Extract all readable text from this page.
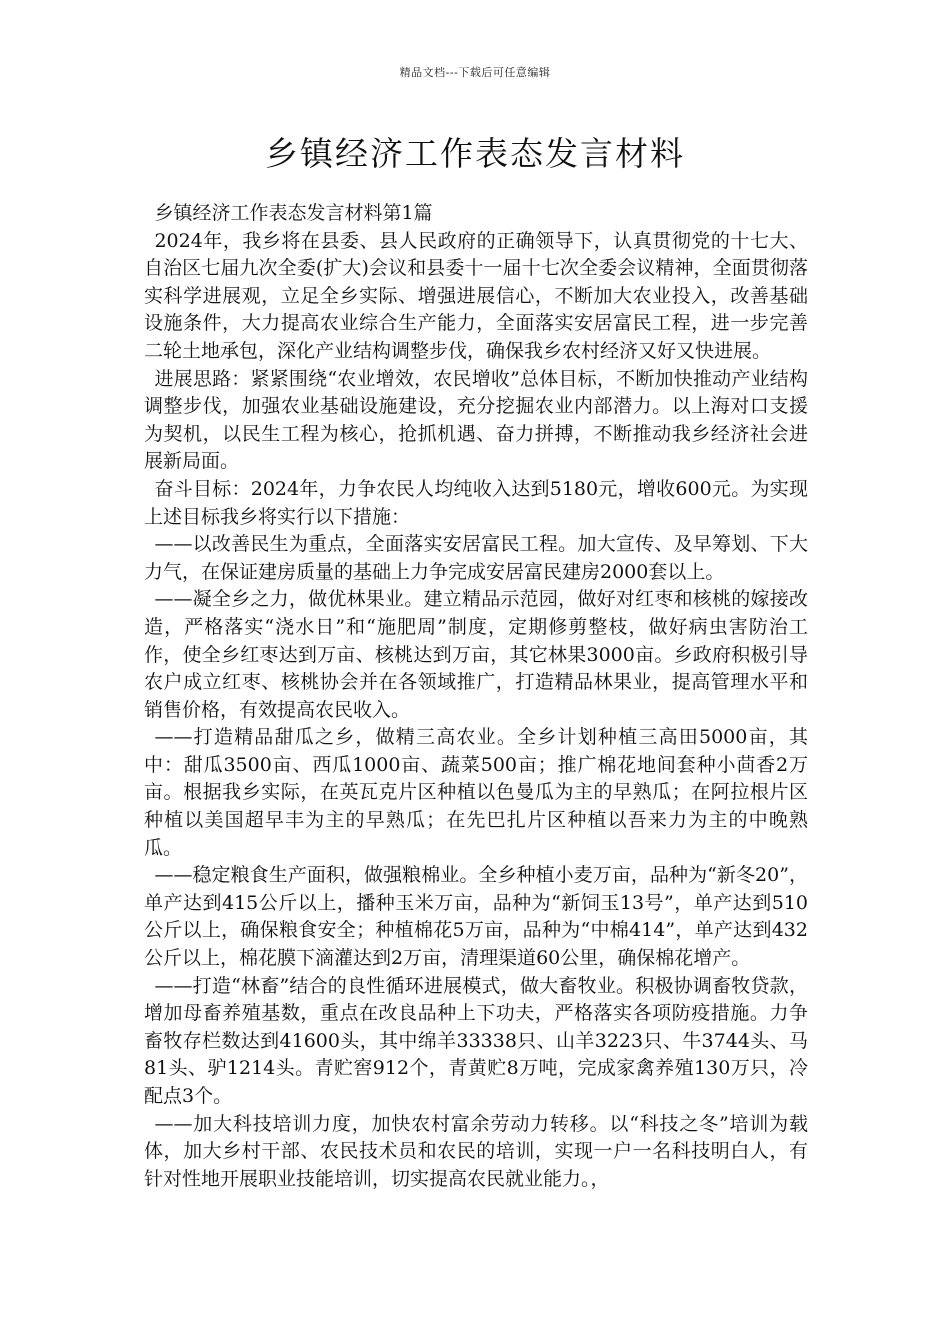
精品文档---下载后可任意编辑
乡镇经济工作表态发言材料

乡镇经济工作表态发言材料第1篇

2024年，我乡将在县委、县人民政府的正确领导下，认真贯彻党的十七大、自治区七届九次全委(扩大)会议和县委十一届十七次全委会议精神，全面贯彻落实科学进展观，立足全乡实际、增强进展信心，不断加大农业投入，改善基础设施条件，大力提高农业综合生产能力，全面落实安居富民工程，进一步完善二轮土地承包，深化产业结构调整步伐，确保我乡农村经济又好又快进展。

进展思路：紧紧围绕“农业增效，农民增收”总体目标，不断加快推动产业结构调整步伐，加强农业基础设施建设，充分挖掘农业内部潜力。以上海对口支援为契机，以民生工程为核心，抢抓机遇、奋力拼搏，不断推动我乡经济社会进展新局面。

奋斗目标：2024年，力争农民人均纯收入达到5180元，增收600元。为实现上述目标我乡将实行以下措施：

——以改善民生为重点，全面落实安居富民工程。加大宣传、及早筹划、下大力气，在保证建房质量的基础上力争完成安居富民建房2000套以上。

——凝全乡之力，做优林果业。建立精品示范园，做好对红枣和核桃的嫁接改造，严格落实“浇水日”和“施肥周”制度，定期修剪整枝，做好病虫害防治工作，使全乡红枣达到万亩、核桃达到万亩，其它林果3000亩。乡政府积极引导农户成立红枣、核桃协会并在各领域推广，打造精品林果业，提高管理水平和销售价格，有效提高农民收入。

——打造精品甜瓜之乡，做精三高农业。全乡计划种植三高田5000亩，其中：甜瓜3500亩、西瓜1000亩、蔬菜500亩；推广棉花地间套种小茴香2万亩。根据我乡实际，在英瓦克片区种植以色曼瓜为主的早熟瓜；在阿拉根片区种植以美国超早丰为主的早熟瓜；在先巴扎片区种植以吾来力为主的中晚熟瓜。

——稳定粮食生产面积，做强粮棉业。全乡种植小麦万亩，品种为“新冬20”，单产达到415公斤以上，播种玉米万亩，品种为“新饲玉13号”，单产达到510公斤以上，确保粮食安全；种植棉花5万亩，品种为“中棉414”，单产达到432公斤以上，棉花膜下滴灌达到2万亩，清理渠道60公里，确保棉花增产。

——打造“林畜”结合的良性循环进展模式，做大畜牧业。积极协调畜牧贷款，增加母畜养殖基数，重点在改良品种上下功夫，严格落实各项防疫措施。力争畜牧存栏数达到41600头，其中绵羊33338只、山羊3223只、牛3744头、马81头、驴1214头。青贮窖912个，青黄贮8万吨，完成家禽养殖130万只，冷配点3个。

——加大科技培训力度，加快农村富余劳动力转移。以“科技之冬”培训为载体，加大乡村干部、农民技术员和农民的培训，实现一户一名科技明白人，有针对性地开展职业技能培训，切实提高农民就业能力。，
